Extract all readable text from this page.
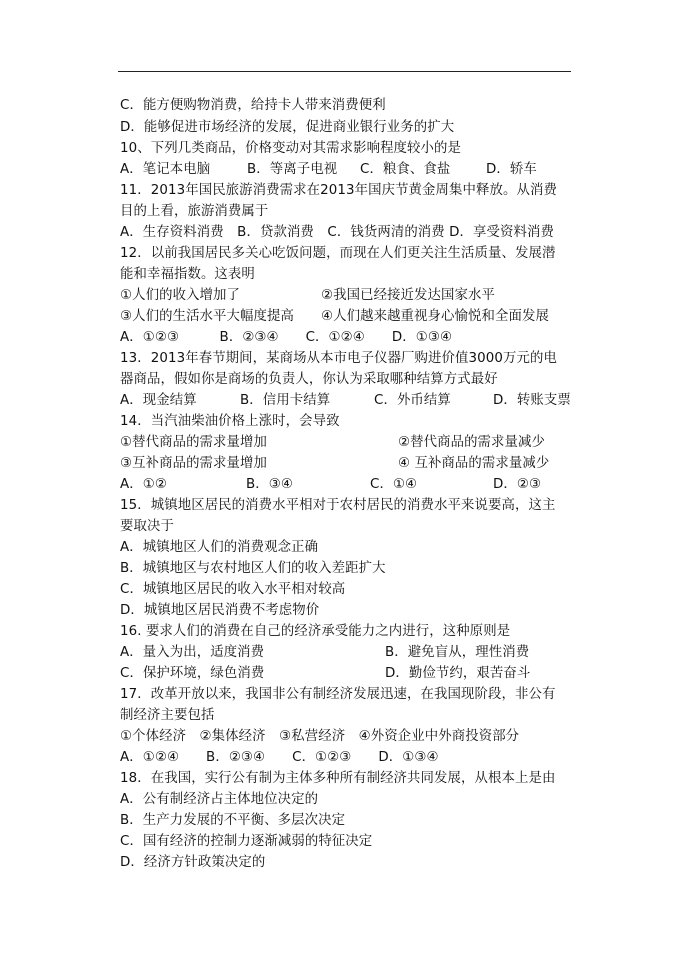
C．能方便购物消费，给持卡人带来消费便利
D．能够促进市场经济的发展，促进商业银行业务的扩大
10、下列几类商品，价格变动对其需求影响程度较小的是

A．笔记本电脑

	B．等离子电视

C．粮食、食盐

	D．轿车

11．2013年国民旅游消费需求在2013年国庆节黄金周集中释放。从消费
目的上看，旅游消费属于
A．生存资料消费　B．贷款消费　C．钱货两清的消费 D．享受资料消费
12．以前我国居民多关心吃饭问题，而现在人们更关注生活质量、发展潜
能和幸福指数。这表明

①人们的收入增加了

	②我国已经接近发达国家水平

③人们的生活水平大幅度提高

④人们越来越重视身心愉悦和全面发展

A．①②③　　　B．②③④　　C．①②④　　D．①③④
13．2013年春节期间，某商场从本市电子仪器厂购进价值3000万元的电
器商品，假如你是商场的负责人，你认为采取哪种结算方式最好

A．现金结算

	B．信用卡结算

	C．外币结算

	D．转账支票

14．当汽油柴油价格上涨时，会导致

①替代商品的需求量增加

	②替代商品的需求量减少

③互补商品的需求量增加

	④ 互补商品的需求量减少

A．①②

	B．③④

	C．①④

	D．②③

15．城镇地区居民的消费水平相对于农村居民的消费水平来说要高，这主
要取决于
A．城镇地区人们的消费观念正确
B．城镇地区与农村地区人们的收入差距扩大
C．城镇地区居民的收入水平相对较高
D．城镇地区居民消费不考虑物价
16. 要求人们的消费在自己的经济承受能力之内进行，这种原则是

A．量入为出，适度消费

	B．避免盲从，理性消费

C．保护环境，绿色消费

	D．勤俭节约，艰苦奋斗

17．改革开放以来，我国非公有制经济发展迅速，在我国现阶段，非公有
制经济主要包括
①个体经济　②集体经济　③私营经济　④外资企业中外商投资部分
A．①②④　　B．②③④　　C．①②③　　D．①③④
18．在我国，实行公有制为主体多种所有制经济共同发展，从根本上是由
A．公有制经济占主体地位决定的
B．生产力发展的不平衡、多层次决定
C．国有经济的控制力逐渐减弱的特征决定
D．经济方针政策决定的
